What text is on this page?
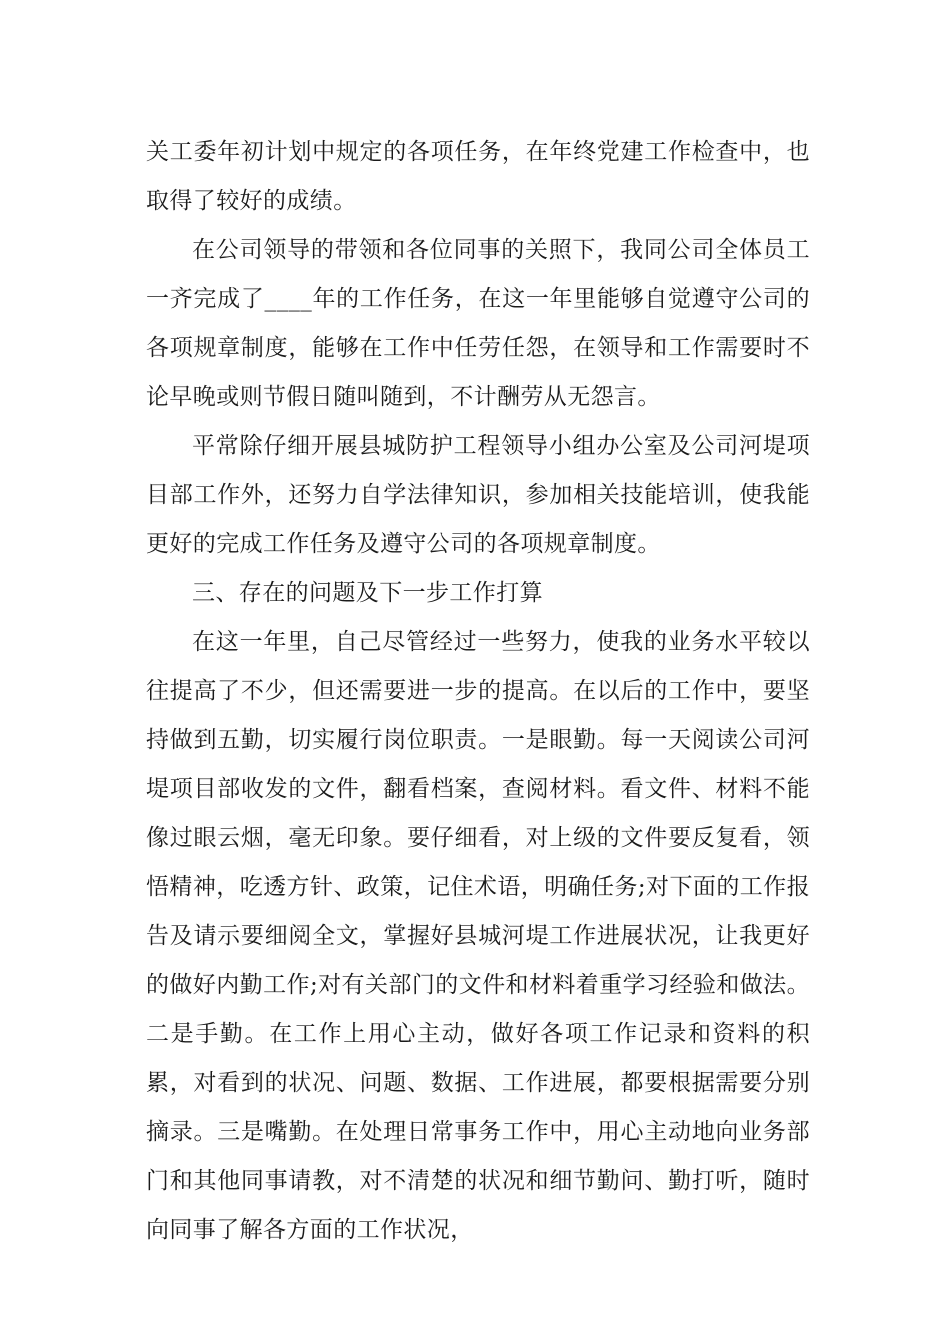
关工委年初计划中规定的各项任务，在年终党建工作检查中，也取得了较好的成绩。

在公司领导的带领和各位同事的关照下，我同公司全体员工一齐完成了____年的工作任务，在这一年里能够自觉遵守公司的各项规章制度，能够在工作中任劳任怨，在领导和工作需要时不论早晚或则节假日随叫随到，不计酬劳从无怨言。

平常除仔细开展县城防护工程领导小组办公室及公司河堤项目部工作外，还努力自学法律知识，参加相关技能培训，使我能更好的完成工作任务及遵守公司的各项规章制度。

三、存在的问题及下一步工作打算

在这一年里，自己尽管经过一些努力，使我的业务水平较以往提高了不少，但还需要进一步的提高。在以后的工作中，要坚持做到五勤，切实履行岗位职责。一是眼勤。每一天阅读公司河堤项目部收发的文件，翻看档案，查阅材料。看文件、材料不能像过眼云烟，毫无印象。要仔细看，对上级的文件要反复看，领悟精神，吃透方针、政策，记住术语，明确任务;对下面的工作报告及请示要细阅全文，掌握好县城河堤工作进展状况，让我更好的做好内勤工作;对有关部门的文件和材料着重学习经验和做法。二是手勤。在工作上用心主动，做好各项工作记录和资料的积累，对看到的状况、问题、数据、工作进展，都要根据需要分别摘录。三是嘴勤。在处理日常事务工作中，用心主动地向业务部门和其他同事请教，对不清楚的状况和细节勤问、勤打听，随时向同事了解各方面的工作状况，
